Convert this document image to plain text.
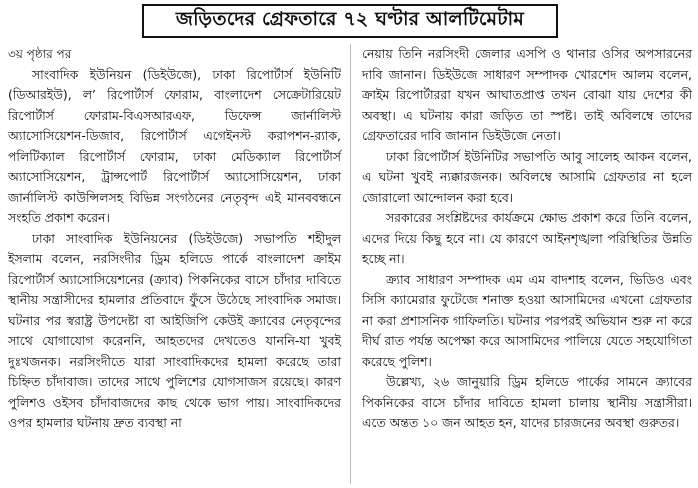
জড়িতদের গ্রেফতারে ৭২ ঘণ্টার আলটিমেটাম

৩য় পৃষ্ঠার পর

সাংবাদিক ইউনিয়ন (ডিইউজে), ঢাকা রিপোর্টার্স ইউনিটি (ডিআরইউ), ল’ রিপোর্টার্স ফোরাম, বাংলাদেশ সেক্রেটারিয়েট রিপোর্টার্স ফোরাম-বিএসআরএফ, ডিফেন্স জার্নালিস্ট অ্যাসোসিয়েশন-ডিজাব, রিপোর্টার্স এগেইনস্ট করাপশন-র‍্যাক, পলিটিক্যাল রিপোর্টার্স ফোরাম, ঢাকা মেডিক্যাল রিপোর্টার্স অ্যাসোসিয়েশন, ট্রান্সপোর্ট রিপোর্টার্স অ্যাসোসিয়েশন, ঢাকা জার্নালিস্ট কাউন্সিলসহ বিভিন্ন সংগঠনের নেতৃবৃন্দ এই মানববন্ধনে সংহতি প্রকাশ করেন।

ঢাকা সাংবাদিক ইউনিয়নের (ডিইউজে) সভাপতি শহীদুল ইসলাম বলেন, নরসিংদীর ড্রিম হলিডে পার্কে বাংলাদেশ ক্রাইম রিপোর্টার্স অ্যাসোসিয়েশনের (ক্র্যাব) পিকনিকের বাসে চাঁদার দাবিতে স্থানীয় সন্ত্রাসীদের হামলার প্রতিবাদে ফুঁসে উঠেছে সাংবাদিক সমাজ। ঘটনার পর স্বরাষ্ট্র উপদেষ্টা বা আইজিপি কেউই ক্র্যাবের নেতৃবৃন্দের সাথে যোগাযোগ করেননি, আহতদের দেখতেও যাননি-যা খুবই দুঃখজনক। নরসিংদীতে যারা সাংবাদিকদের হামলা করেছে তারা চিহ্নিত চাঁদাবাজ। তাদের সাথে পুলিশের যোগসাজস রয়েছে। কারণ পুলিশও ওইসব চাঁদাবাজদের কাছ থেকে ভাগ পায়। সাংবাদিকদের ওপর হামলার ঘটনায় দ্রুত ব্যবস্থা না

নেয়ায় তিনি নরসিংদী জেলার এসপি ও থানার ওসির অপসারনের দাবি জানান। ডিইউজে সাধারণ সম্পাদক খোরশেদ আলম বলেন, ক্রাইম রিপোর্টাররা যখন আঘাতপ্রাপ্ত তখন বোঝা যায় দেশের কী অবস্থা। এ ঘটনায় কারা জড়িত তা স্পষ্ট। তাই অবিলম্বে তাদের গ্রেফতারের দাবি জানান ডিইউজে নেতা।

ঢাকা রিপোর্টার্স ইউনিটির সভাপতি আবু সালেহ আকন বলেন, এ ঘটনা খুবই ন্যক্কারজনক। অবিলম্বে আসামি গ্রেফতার না হলে জোরালো আন্দোলন করা হবে।

সরকারের সংশ্লিষ্টদের কার্যক্রমে ক্ষোভ প্রকাশ করে তিনি বলেন, এদের দিয়ে কিছু হবে না। যে কারণে আইনশৃঙ্খলা পরিস্থিতির উন্নতি হচ্ছে না।

ক্র্যাব সাধারণ সম্পাদক এম এম বাদশাহ বলেন, ভিডিও এবং সিসি ক্যামেরার ফুটেজে শনাক্ত হওয়া আসামিদের এখনো গ্রেফতার না করা প্রশাসনিক গাফিলতি। ঘটনার পরপরই অভিযান শুরু না করে দীর্ঘ রাত পর্যন্ত অপেক্ষা করে আসামিদের পালিয়ে যেতে সহযোগিতা করেছে পুলিশ।

উল্লেখ্য, ২৬ জানুয়ারি ড্রিম হলিডে পার্কের সামনে ক্র্যাবের পিকনিকের বাসে চাঁদার দাবিতে হামলা চালায় স্থানীয় সন্ত্রাসীরা। এতে অন্তত ১০ জন আহত হন, যাদের চারজনের অবস্থা গুরুতর।
